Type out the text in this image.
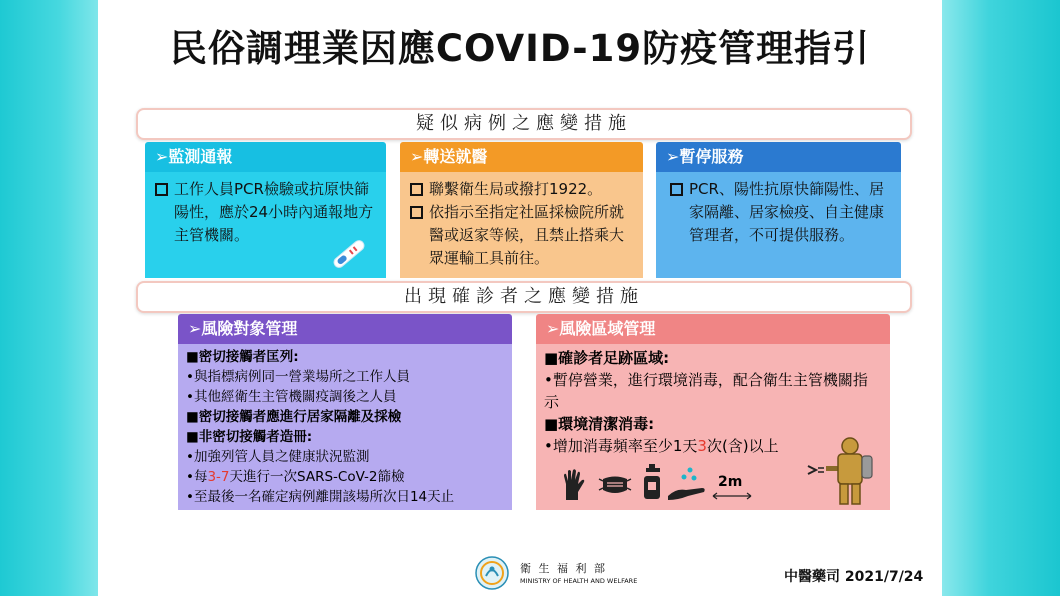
民俗調理業因應COVID-19防疫管理指引
疑似病例之應變措施
➢監測通報
工作人員PCR檢驗或抗原快篩陽性，應於24小時內通報地方主管機關。
➢轉送就醫
聯繫衛生局或撥打1922。
依指示至指定社區採檢院所就醫或返家等候，且禁止搭乘大眾運輸工具前往。
➢暫停服務
PCR、陽性抗原快篩陽性、居家隔離、居家檢疫、自主健康管理者，不可提供服務。
出現確診者之應變措施
➢風險對象管理
■密切接觸者匡列:
•與指標病例同一營業場所之工作人員
•其他經衛生主管機關疫調後之人員
■密切接觸者應進行居家隔離及採檢
■非密切接觸者造冊:
•加強列管人員之健康狀況監測
•每3-7天進行一次SARS-CoV-2篩檢
•至最後一名確定病例離開該場所次日14天止
➢風險區域管理
■確診者足跡區域:
•暫停營業，進行環境消毒，配合衛生主管機關指示
■環境清潔消毒:
•增加消毒頻率至少1天3次(含)以上
2m
衛 生 福 利 部
MINISTRY OF HEALTH AND WELFARE	中醫藥司 2021/7/24
